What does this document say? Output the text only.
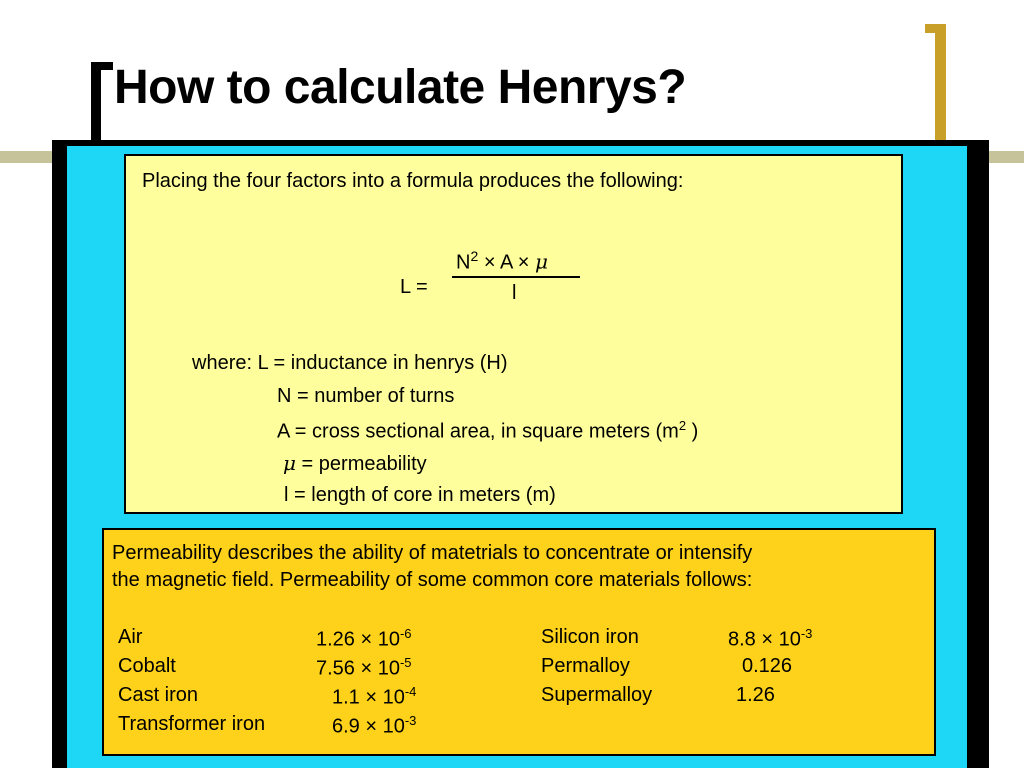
How to calculate Henrys?

Placing the four factors into a formula produces the following:

L =
$N^2 \times A \times \mu$
l
where: L = inductance in henrys (H)
N = number of turns
A = cross sectional area, in square meters ($m^2$ )
μ = permeability
l = length of core in meters (m)

Permeability describes the ability of matetrials to concentrate or intensify
the magnetic field. Permeability of some common core materials follows:

Air	$1.26 \times 10^{-6}$
Cobalt	$7.56 \times 10^{-5}$
Cast iron	$1.1 \times 10^{-4}$
Transformer iron	$6.9 \times 10^{-3}$
Silicon iron	$8.8 \times 10^{-3}$
Permalloy	0.126
Supermalloy	1.26
